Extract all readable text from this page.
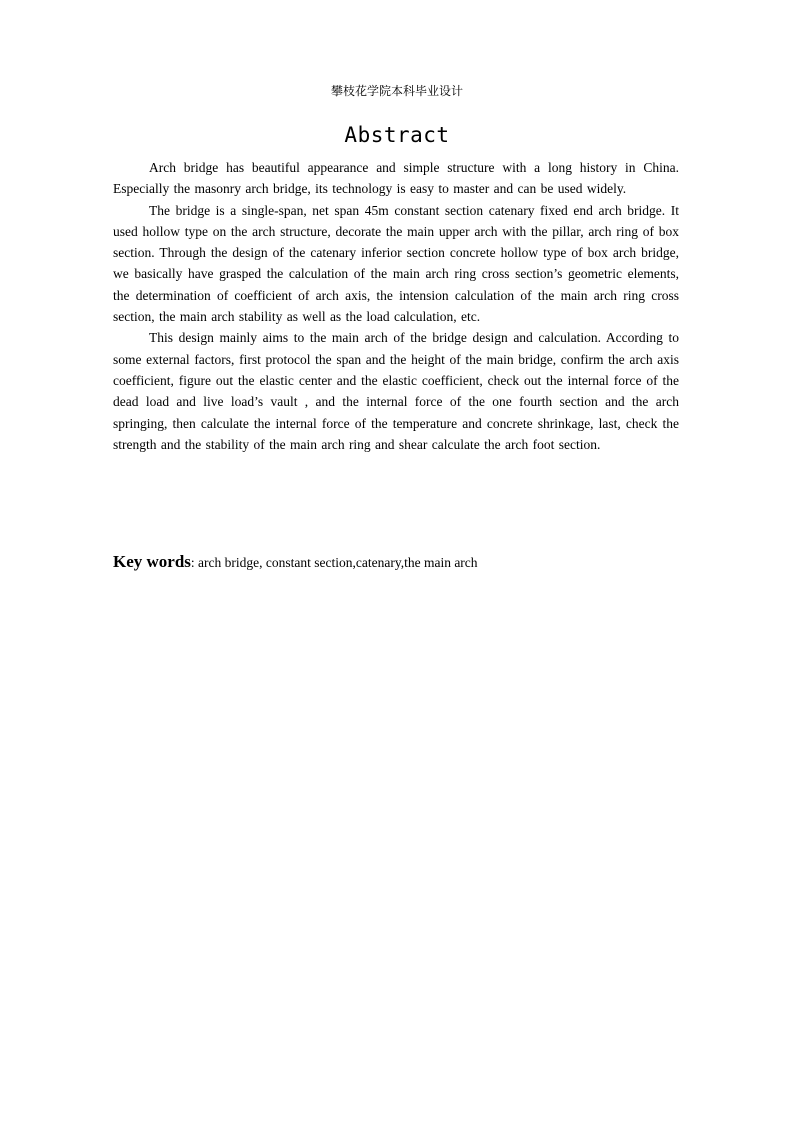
攀枝花学院本科毕业设计
Abstract

Arch bridge has beautiful appearance and simple structure with a long history in China. Especially the masonry arch bridge, its technology is easy to master and can be used widely.

The bridge is a single-span, net span 45m constant section catenary fixed end arch bridge. It used hollow type on the arch structure, decorate the main upper arch with the pillar, arch ring of box section. Through the design of the catenary inferior section concrete hollow type of box arch bridge, we basically have grasped the calculation of the main arch ring cross section’s geometric elements, the determination of coefficient of arch axis, the intension calculation of the main arch ring cross section, the main arch stability as well as the load calculation, etc.

This design mainly aims to the main arch of the bridge design and calculation. According to some external factors, first protocol the span and the height of the main bridge, confirm the arch axis coefficient, figure out the elastic center and the elastic coefficient, check out the internal force of the dead load and live load’s vault , and the internal force of the one fourth section and the arch springing, then calculate the internal force of the temperature and concrete shrinkage, last, check the strength and the stability of the main arch ring and shear calculate the arch foot section.

Key words: arch bridge, constant section,catenary,the main arch
